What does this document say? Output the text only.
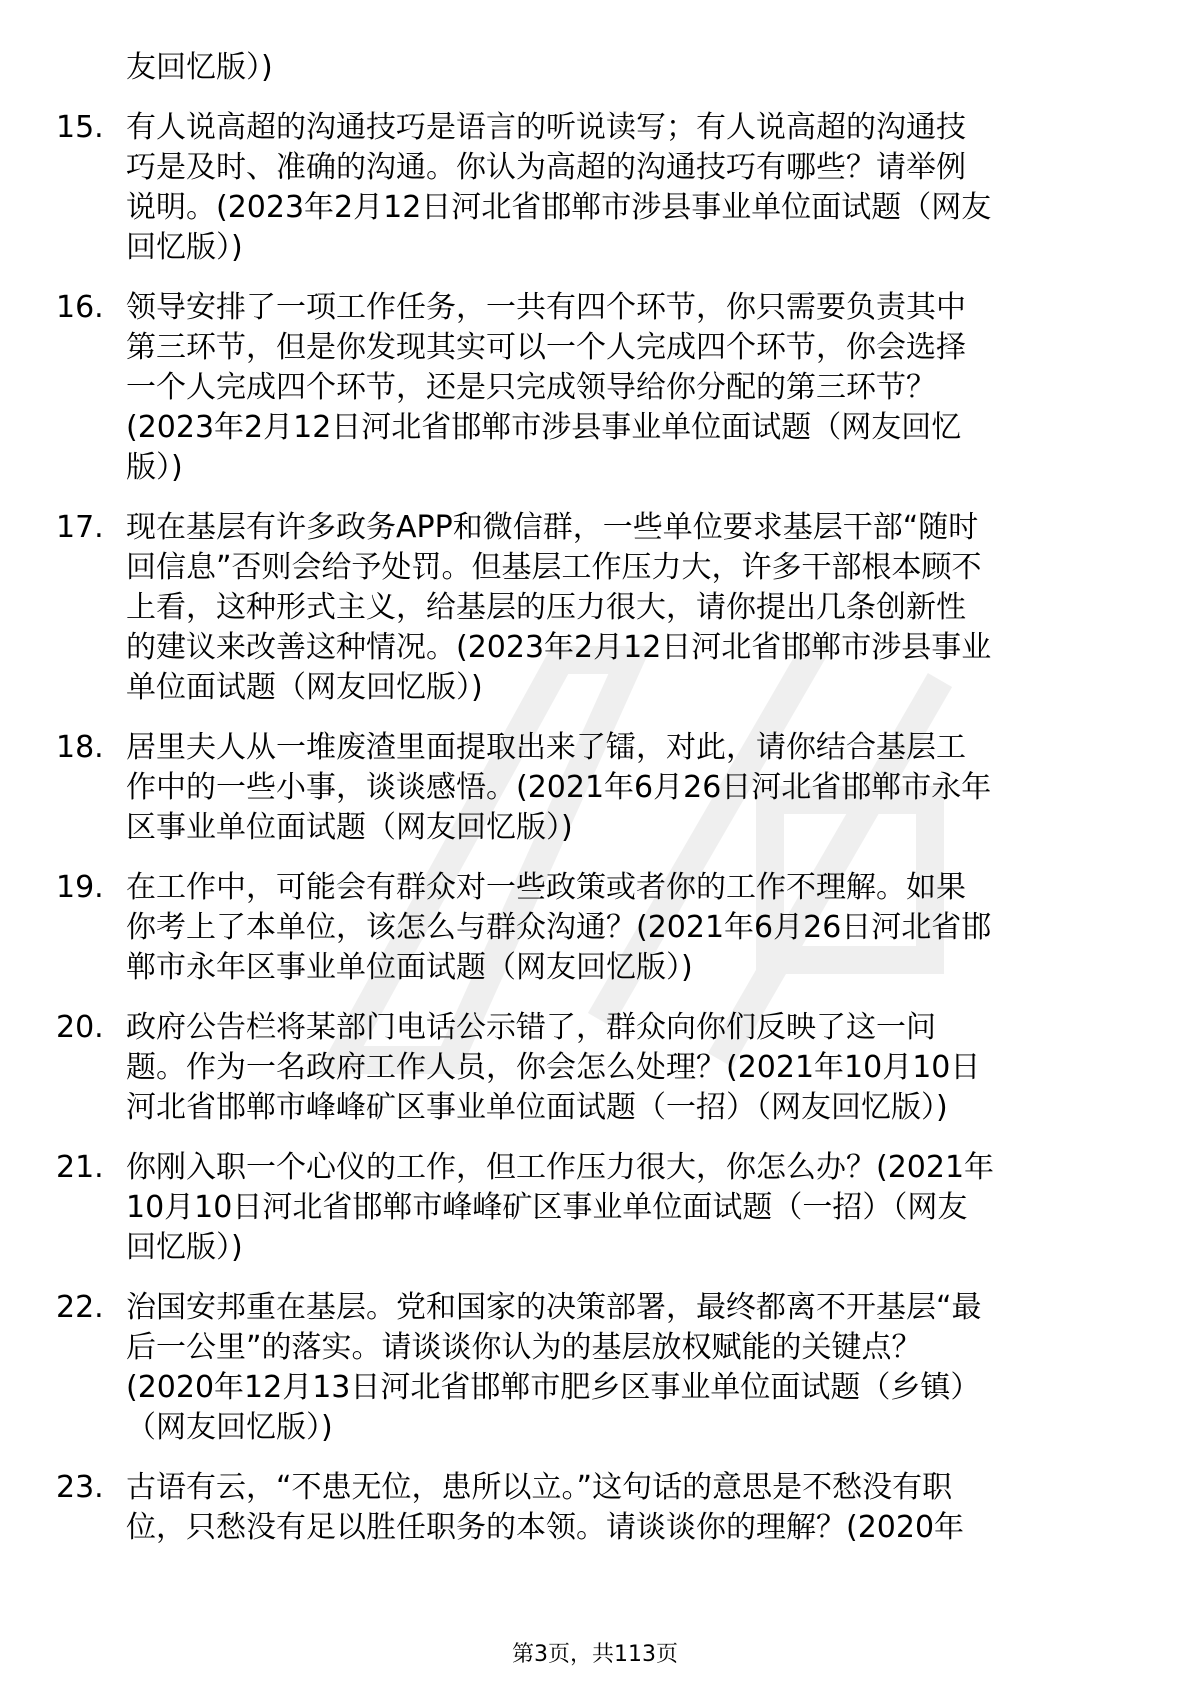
友回忆版）)
15. 有人说高超的沟通技巧是语言的听说读写；有人说高超的沟通技
巧是及时、准确的沟通。你认为高超的沟通技巧有哪些？请举例
说明。(2023年2月12日河北省邯郸市涉县事业单位面试题（网友
回忆版）)
16. 领导安排了一项工作任务，一共有四个环节，你只需要负责其中
第三环节，但是你发现其实可以一个人完成四个环节，你会选择
一个人完成四个环节，还是只完成领导给你分配的第三环节？
(2023年2月12日河北省邯郸市涉县事业单位面试题（网友回忆
版）)
17. 现在基层有许多政务APP和微信群，一些单位要求基层干部“随时
回信息”否则会给予处罚。但基层工作压力大，许多干部根本顾不
上看，这种形式主义，给基层的压力很大，请你提出几条创新性
的建议来改善这种情况。(2023年2月12日河北省邯郸市涉县事业
单位面试题（网友回忆版）)
18. 居里夫人从一堆废渣里面提取出来了镭，对此，请你结合基层工
作中的一些小事，谈谈感悟。(2021年6月26日河北省邯郸市永年
区事业单位面试题（网友回忆版）)
19. 在工作中，可能会有群众对一些政策或者你的工作不理解。如果
你考上了本单位，该怎么与群众沟通？(2021年6月26日河北省邯
郸市永年区事业单位面试题（网友回忆版）)
20. 政府公告栏将某部门电话公示错了，群众向你们反映了这一问
题。作为一名政府工作人员，你会怎么处理？(2021年10月10日
河北省邯郸市峰峰矿区事业单位面试题（一招）（网友回忆版）)
21. 你刚入职一个心仪的工作，但工作压力很大，你怎么办？(2021年
10月10日河北省邯郸市峰峰矿区事业单位面试题（一招）（网友
回忆版）)
22. 治国安邦重在基层。党和国家的决策部署，最终都离不开基层“最
后一公里”的落实。请谈谈你认为的基层放权赋能的关键点？
(2020年12月13日河北省邯郸市肥乡区事业单位面试题（乡镇）
（网友回忆版）)
23. 古语有云，“不患无位，患所以立。”这句话的意思是不愁没有职
位，只愁没有足以胜任职务的本领。请谈谈你的理解？(2020年
第3页，共113页
